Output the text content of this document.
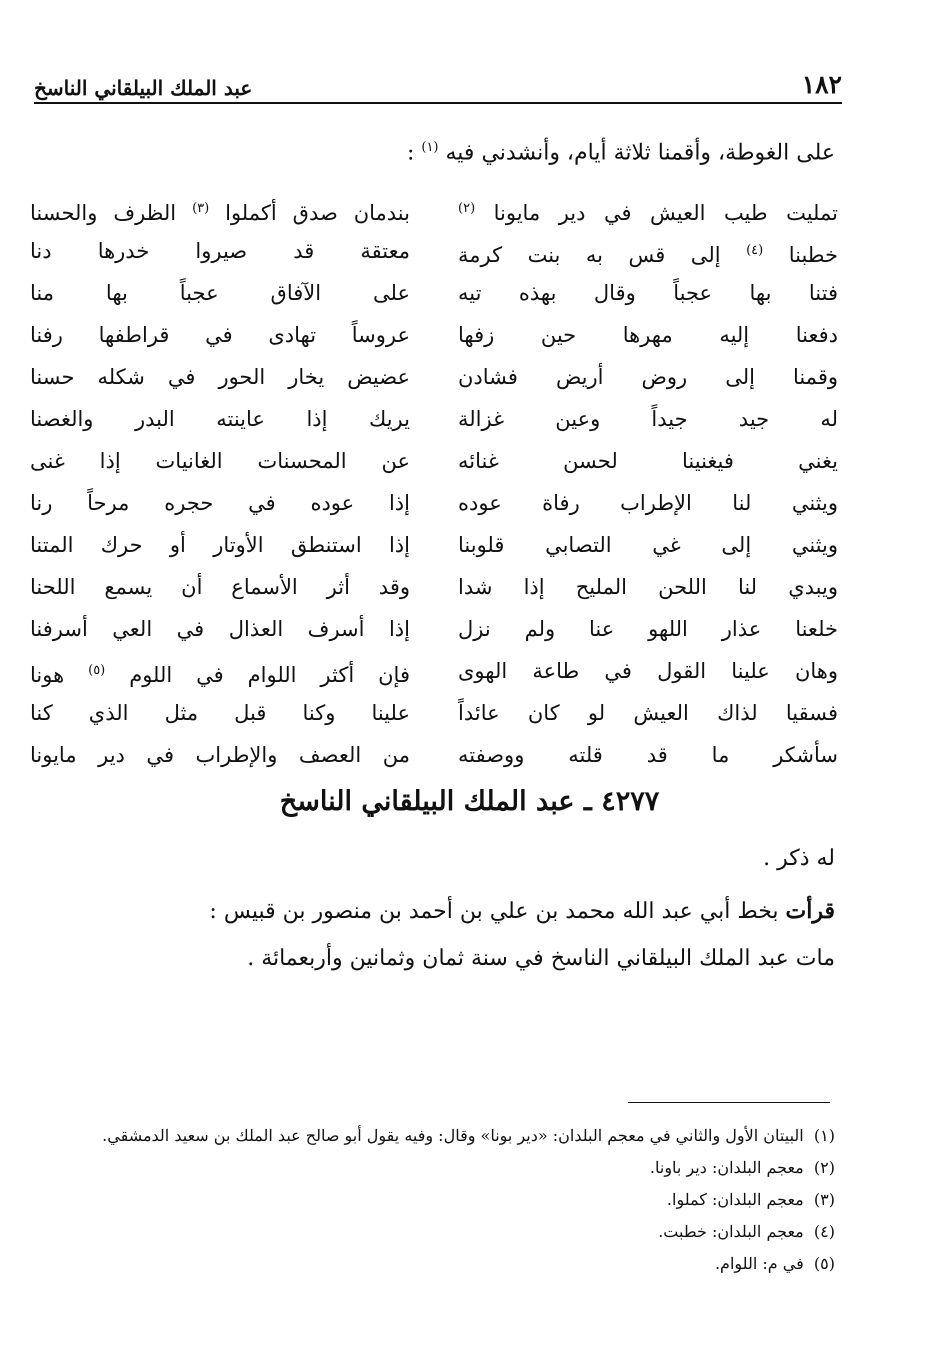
عبد الملك البيلقاني الناسخ	١٨٢
على الغوطة، وأقمنا ثلاثة أيام، وأنشدني فيه $^{(١)}$ :
تمليت طيب العيش في دير مايونا $^{(٢)}$
بندمان صدق أكملوا $^{(٣)}$ الظرف والحسنا
خطبنا $^{(٤)}$ إلى قس به بنت كرمة
معتقة قد صيروا خدرها دنا
فتنا بها عجباً وقال بهذه تيه
على الآفاق عجباً بها منا
دفعنا إليه مهرها حين زفها
عروساً تهادى في قراطفها رفنا
وقمنا إلى روض أريض فشادن
عضيض يخار الحور في شكله حسنا
له جيد جيداً وعين غزالة
يريك إذا عاينته البدر والغصنا
يغني فيغنينا لحسن غنائه
عن المحسنات الغانيات إذا غنى
ويثني لنا الإطراب رفاة عوده
إذا عوده في حجره مرحاً رنا
ويثني إلى غي التصابي قلوبنا
إذا استنطق الأوتار أو حرك المتنا
ويبدي لنا اللحن المليح إذا شدا
وقد أثر الأسماع أن يسمع اللحنا
خلعنا عذار اللهو عنا ولم نزل
إذا أسرف العذال في العي أسرفنا
وهان علينا القول في طاعة الهوى
فإن أكثر اللوام في اللوم $^{(٥)}$ هونا
فسقيا لذاك العيش لو كان عائداً
علينا وكنا قبل مثل الذي كنا
سأشكر ما قد قلته ووصفته
من العصف والإطراب في دير مايونا
٤٢٧٧ ـ عبد الملك البيلقاني الناسخ
له ذكر .
قرأت بخط أبي عبد الله محمد بن علي بن أحمد بن منصور بن قبيس :
مات عبد الملك البيلقاني الناسخ في سنة ثمان وثمانين وأربعمائة .
(١)  البيتان الأول والثاني في معجم البلدان: «دير بونا» وقال: وفيه يقول أبو صالح عبد الملك بن سعيد الدمشقي.
(٢)  معجم البلدان: دير باونا.
(٣)  معجم البلدان: كملوا.
(٤)  معجم البلدان: خطبت.
(٥)  في م: اللوام.
